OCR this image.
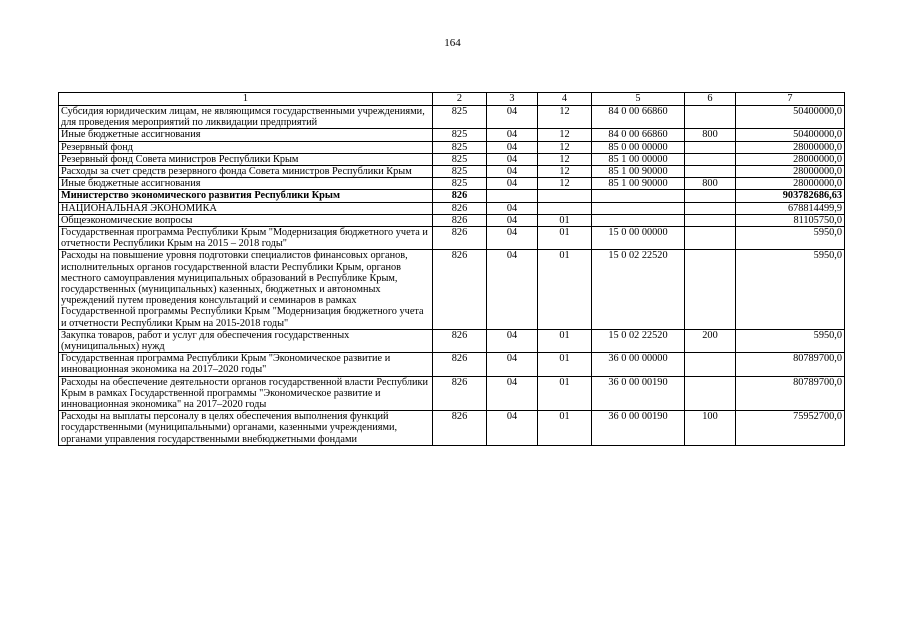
164
1	2	3	4	5	6	7
Субсидия юридическим лицам, не являющимся государственными учреждениями, для проведения мероприятий по ликвидации предприятий	825	04	12	84 0 00 66860		50400000,0
Иные бюджетные ассигнования	825	04	12	84 0 00 66860	800	50400000,0
Резервный фонд	825	04	12	85 0 00 00000		28000000,0
Резервный фонд Совета министров Республики Крым	825	04	12	85 1 00 00000		28000000,0
Расходы за счет средств резервного фонда Совета министров Республики Крым	825	04	12	85 1 00 90000		28000000,0
Иные бюджетные ассигнования	825	04	12	85 1 00 90000	800	28000000,0
Министерство экономического развития Республики Крым	826					903782686,63
НАЦИОНАЛЬНАЯ ЭКОНОМИКА	826	04				678814499,9
Общеэкономические вопросы	826	04	01			81105750,0
Государственная программа Республики Крым "Модернизация бюджетного учета и отчетности Республики Крым на 2015 – 2018 годы"	826	04	01	15 0 00 00000		5950,0
Расходы на повышение уровня подготовки специалистов финансовых органов, исполнительных органов государственной власти Республики Крым, органов местного самоуправления муниципальных образований в Республике Крым, государственных (муниципальных) казенных, бюджетных и автономных учреждений путем проведения консультаций и семинаров в рамках Государственной программы Республики Крым "Модернизация бюджетного учета и отчетности Республики Крым на 2015-2018 годы"	826	04	01	15 0 02 22520		5950,0
Закупка товаров, работ и услуг для обеспечения государственных (муниципальных) нужд	826	04	01	15 0 02 22520	200	5950,0
Государственная программа Республики Крым "Экономическое развитие и инновационная экономика на 2017–2020 годы"	826	04	01	36 0 00 00000		80789700,0
Расходы на обеспечение деятельности органов государственной власти Республики Крым в рамках Государственной программы "Экономическое развитие и инновационная экономика" на 2017–2020 годы	826	04	01	36 0 00 00190		80789700,0
Расходы на выплаты персоналу в целях обеспечения выполнения функций государственными (муниципальными) органами, казенными учреждениями, органами управления государственными внебюджетными фондами	826	04	01	36 0 00 00190	100	75952700,0
